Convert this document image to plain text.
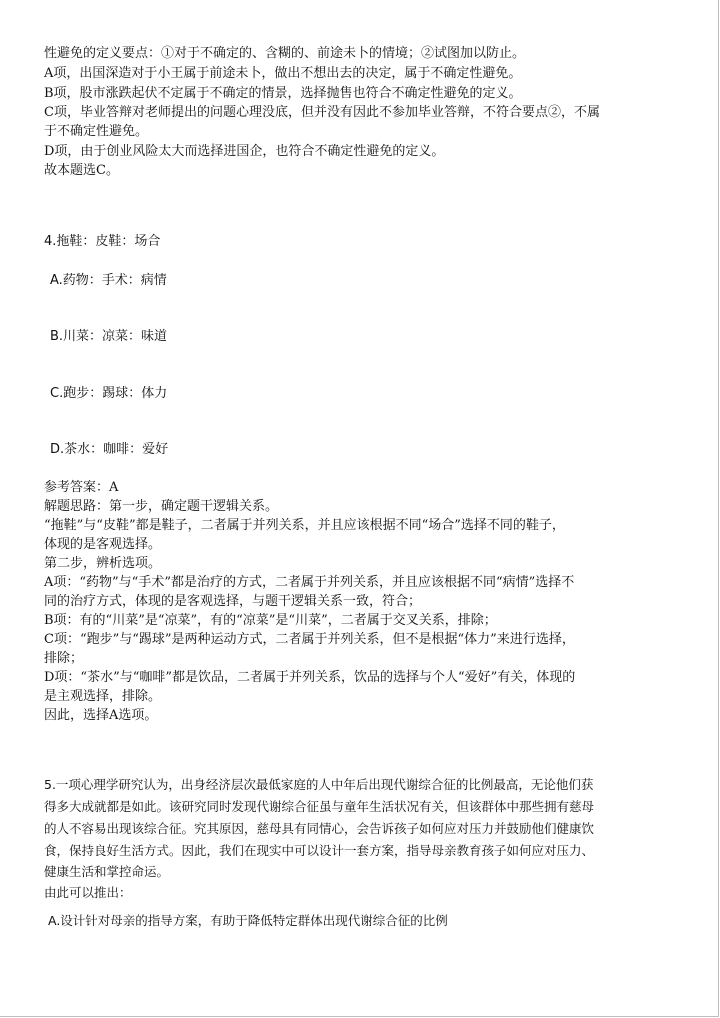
性避免的定义要点：①对于不确定的、含糊的、前途未卜的情境；②试图加以防止。
A项，出国深造对于小王属于前途未卜，做出不想出去的决定，属于不确定性避免。
B项，股市涨跌起伏不定属于不确定的情景，选择抛售也符合不确定性避免的定义。
C项，毕业答辩对老师提出的问题心理没底，但并没有因此不参加毕业答辩，不符合要点②，不属
于不确定性避免。
D项，由于创业风险太大而选择进国企，也符合不确定性避免的定义。
故本题选C。
4.拖鞋：皮鞋：场合
A.药物：手术：病情
B.川菜：凉菜：味道
C.跑步：踢球：体力
D.茶水：咖啡：爱好
参考答案：A
解题思路：第一步，确定题干逻辑关系。
“拖鞋”与“皮鞋”都是鞋子，二者属于并列关系，并且应该根据不同“场合”选择不同的鞋子，
体现的是客观选择。
第二步，辨析选项。
A项：“药物”与“手术”都是治疗的方式，二者属于并列关系，并且应该根据不同“病情”选择不
同的治疗方式，体现的是客观选择，与题干逻辑关系一致，符合；
B项：有的“川菜”是“凉菜”，有的“凉菜”是“川菜”，二者属于交叉关系，排除；
C项：“跑步”与“踢球”是两种运动方式，二者属于并列关系，但不是根据“体力”来进行选择，
排除；
D项：“茶水”与“咖啡”都是饮品，二者属于并列关系，饮品的选择与个人“爱好”有关，体现的
是主观选择，排除。
因此，选择A选项。
5.一项心理学研究认为，出身经济层次最低家庭的人中年后出现代谢综合征的比例最高，无论他们获
得多大成就都是如此。该研究同时发现代谢综合征虽与童年生活状况有关，但该群体中那些拥有慈母
的人不容易出现该综合征。究其原因，慈母具有同情心，会告诉孩子如何应对压力并鼓励他们健康饮
食，保持良好生活方式。因此，我们在现实中可以设计一套方案，指导母亲教育孩子如何应对压力、
健康生活和掌控命运。
由此可以推出：
A.设计针对母亲的指导方案，有助于降低特定群体出现代谢综合征的比例
